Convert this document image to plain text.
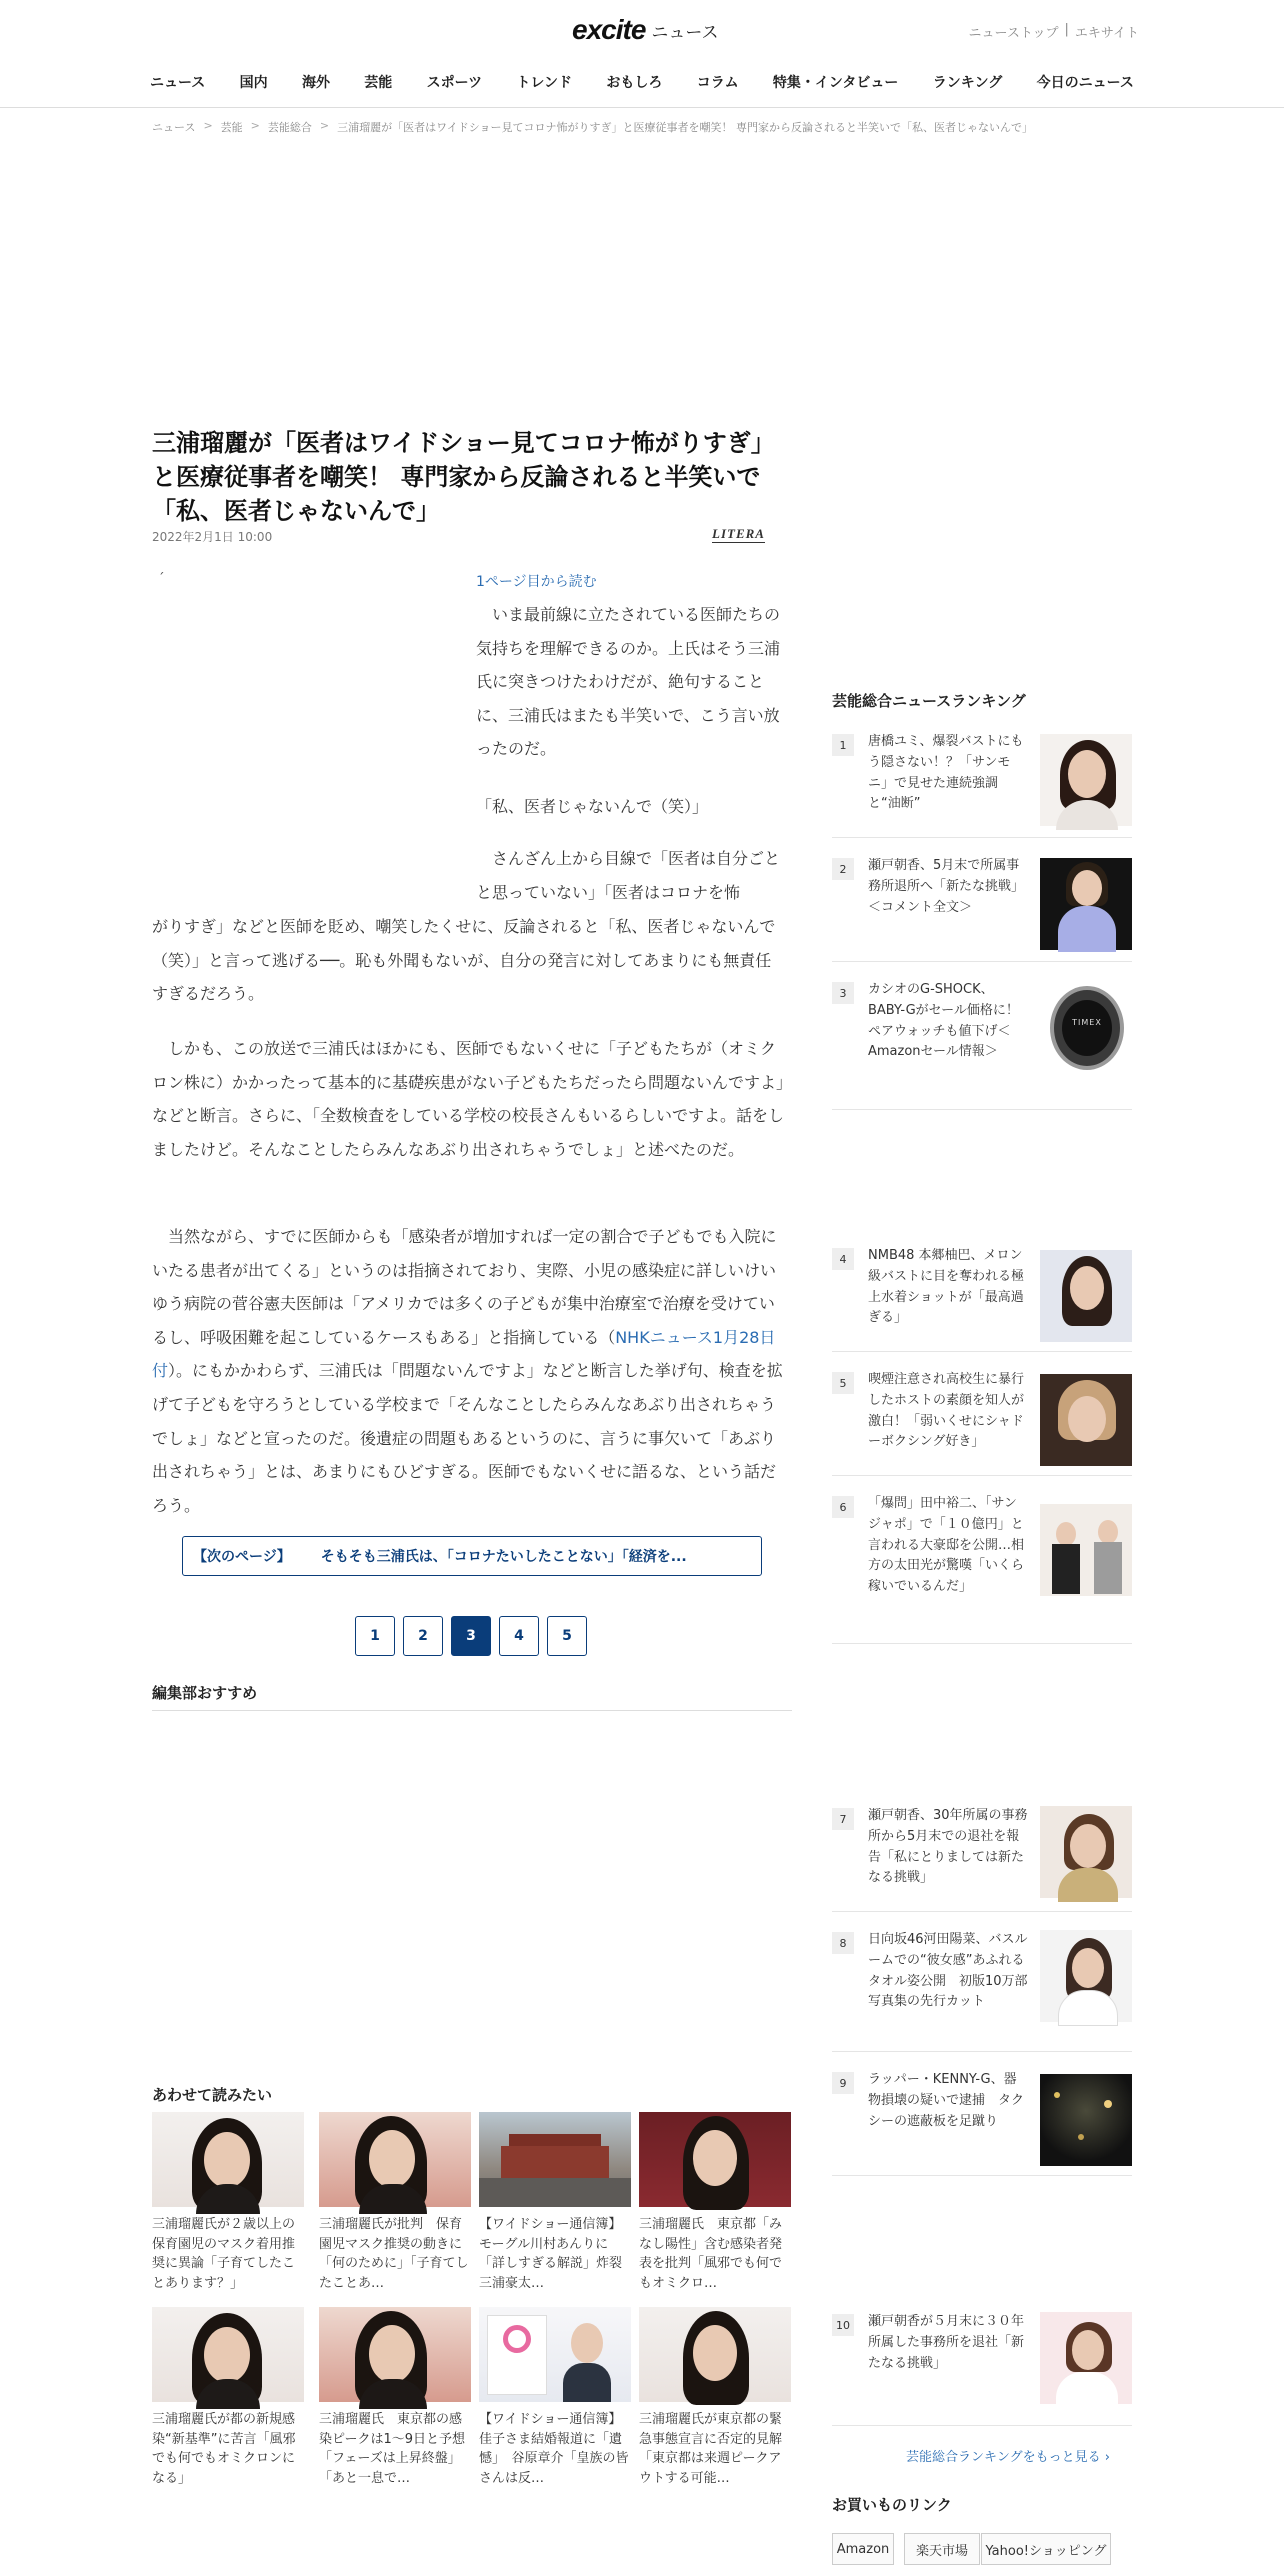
excite ニュース	ニューストップ | エキサイト
ニュース 国内 海外 芸能 スポーツ トレンド おもしろ コラム 特集・インタビュー ランキング 今日のニュース
ニュース > 芸能 > 芸能総合 > 三浦瑠麗が「医者はワイドショー見てコロナ怖がりすぎ」と医療従事者を嘲笑！ 専門家から反論されると半笑いで「私、医者じゃないんで」
三浦瑠麗が「医者はワイドショー見てコロナ怖がりすぎ」と医療従事者を嘲笑！ 専門家から反論されると半笑いで「私、医者じゃないんで」
2022年2月1日 10:00	LITERA
´	1ページ目から読む

いま最前線に立たされている医師たちの気持ちを理解できるのか。上氏はそう三浦氏に突きつけたわけだが、絶句することに、三浦氏はまたも半笑いで、こう言い放ったのだ。

「私、医者じゃないんで（笑）」

さんざん上から目線で「医者は自分ごとと思っていない」「医者はコロナを怖

がりすぎ」などと医師を貶め、嘲笑したくせに、反論されると「私、医者じゃないんで（笑）」と言って逃げる──。恥も外聞もないが、自分の発言に対してあまりにも無責任すぎるだろう。

しかも、この放送で三浦氏はほかにも、医師でもないくせに「子どもたちが（オミクロン株に）かかったって基本的に基礎疾患がない子どもたちだったら問題ないんですよ」などと断言。さらに、「全数検査をしている学校の校長さんもいるらしいですよ。話をしましたけど。そんなことしたらみんなあぶり出されちゃうでしょ」と述べたのだ。

当然ながら、すでに医師からも「感染者が増加すれば一定の割合で子どもでも入院にいたる患者が出てくる」というのは指摘されており、実際、小児の感染症に詳しいけいゆう病院の菅谷憲夫医師は「アメリカでは多くの子どもが集中治療室で治療を受けているし、呼吸困難を起こしているケースもある」と指摘している（NHKニュース1月28日付）。にもかかわらず、三浦氏は「問題ないんですよ」などと断言した挙げ句、検査を拡げて子どもを守ろうとしている学校まで「そんなことしたらみんなあぶり出されちゃうでしょ」などと宣ったのだ。後遺症の問題もあるというのに、言うに事欠いて「あぶり出されちゃう」とは、あまりにもひどすぎる。医師でもないくせに語るな、という話だろう。

【次のページ】 そもそも三浦氏は、「コロナたいしたことない」「経済を...
1	2	3	4	5
編集部おすすめ
あわせて読みたい
三浦瑠麗氏が２歳以上の保育園児のマスク着用推奨に異論「子育てしたことあります？」
三浦瑠麗氏が批判　保育園児マスク推奨の動きに「何のために」「子育てしたことあ…
【ワイドショー通信簿】モーグル川村あんりに「詳しすぎる解説」炸裂　三浦豪太…
三浦瑠麗氏　東京都「みなし陽性」含む感染者発表を批判「風邪でも何でもオミクロ…
三浦瑠麗氏が都の新規感染“新基準”に苦言「風邪でも何でもオミクロンになる」
三浦瑠麗氏　東京都の感染ピークは1～9日と予想「フェーズは上昇終盤」「あと一息で…
【ワイドショー通信簿】佳子さま結婚報道に「遺憾」　谷原章介「皇族の皆さんは反…
三浦瑠麗氏が東京都の緊急事態宣言に否定的見解「東京都は来週ピークアウトする可能…
芸能総合ニュースランキング
1	唐橋ユミ、爆裂バストにもう隠さない！？「サンモニ」で見せた連続強調と“油断”
2	瀬戸朝香、5月末で所属事務所退所へ「新たな挑戦」＜コメント全文＞
3	カシオのG-SHOCK、BABY-Gがセール価格に！ ペアウォッチも値下げ＜Amazonセール情報＞
TIMEX
4	NMB48 本郷柚巴、メロン級バストに目を奪われる極上水着ショットが「最高過ぎる」
5	喫煙注意され高校生に暴行したホストの素顔を知人が激白！「弱いくせにシャドーボクシング好き」
6	「爆問」田中裕二、「サンジャポ」で「１０億円」と言われる大豪邸を公開…相方の太田光が驚嘆「いくら稼いでいるんだ」
7	瀬戸朝香、30年所属の事務所から5月末での退社を報告「私にとりましては新たなる挑戦」
8	日向坂46河田陽菜、バスルームでの“彼女感”あふれるタオル姿公開　初版10万部写真集の先行カット
9	ラッパー・KENNY-G、器物損壊の疑いで逮捕　タクシーの遮蔽板を足蹴り
10	瀬戸朝香が５月末に３０年所属した事務所を退社「新たなる挑戦」
芸能総合ランキングをもっと見る ›
お買いものリンク
Amazon	楽天市場	Yahoo!ショッピング
